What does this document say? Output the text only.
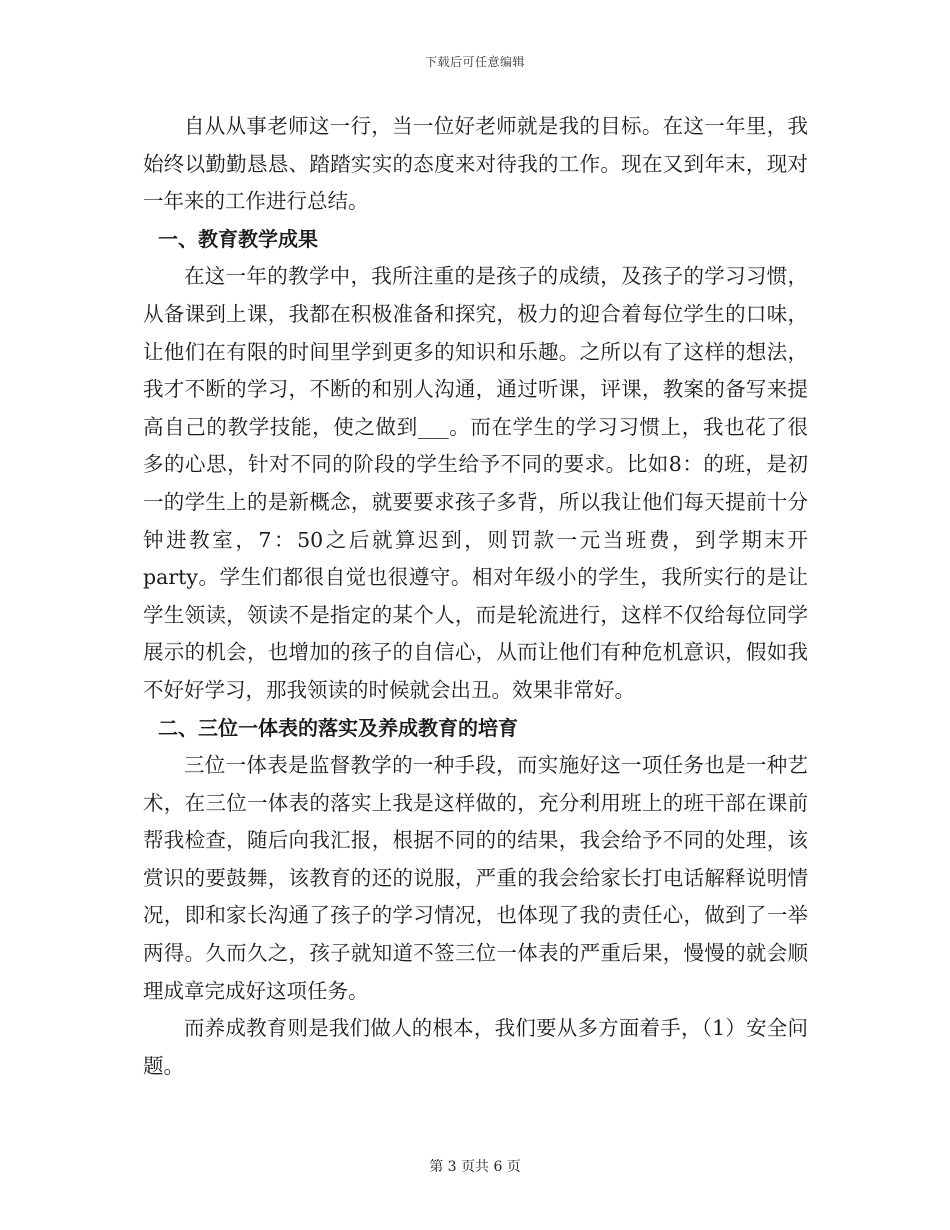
下载后可任意编辑

自从从事老师这一行，当一位好老师就是我的目标。在这一年里，我始终以勤勤恳恳、踏踏实实的态度来对待我的工作。现在又到年末，现对一年来的工作进行总结。

一、教育教学成果

在这一年的教学中，我所注重的是孩子的成绩，及孩子的学习习惯，从备课到上课，我都在积极准备和探究，极力的迎合着每位学生的口味，让他们在有限的时间里学到更多的知识和乐趣。之所以有了这样的想法，我才不断的学习，不断的和别人沟通，通过听课，评课，教案的备写来提高自己的教学技能，使之做到___。而在学生的学习习惯上，我也花了很多的心思，针对不同的阶段的学生给予不同的要求。比如8：的班，是初一的学生上的是新概念，就要要求孩子多背，所以我让他们每天提前十分钟进教室，7：50之后就算迟到，则罚款一元当班费，到学期末开party。学生们都很自觉也很遵守。相对年级小的学生，我所实行的是让学生领读，领读不是指定的某个人，而是轮流进行，这样不仅给每位同学展示的机会，也增加的孩子的自信心，从而让他们有种危机意识，假如我不好好学习，那我领读的时候就会出丑。效果非常好。

二、三位一体表的落实及养成教育的培育

三位一体表是监督教学的一种手段，而实施好这一项任务也是一种艺术，在三位一体表的落实上我是这样做的，充分利用班上的班干部在课前帮我检查，随后向我汇报，根据不同的的结果，我会给予不同的处理，该赏识的要鼓舞，该教育的还的说服，严重的我会给家长打电话解释说明情况，即和家长沟通了孩子的学习情况，也体现了我的责任心，做到了一举两得。久而久之，孩子就知道不签三位一体表的严重后果，慢慢的就会顺理成章完成好这项任务。

而养成教育则是我们做人的根本，我们要从多方面着手，（1）安全问题。

第 3 页共 6 页
